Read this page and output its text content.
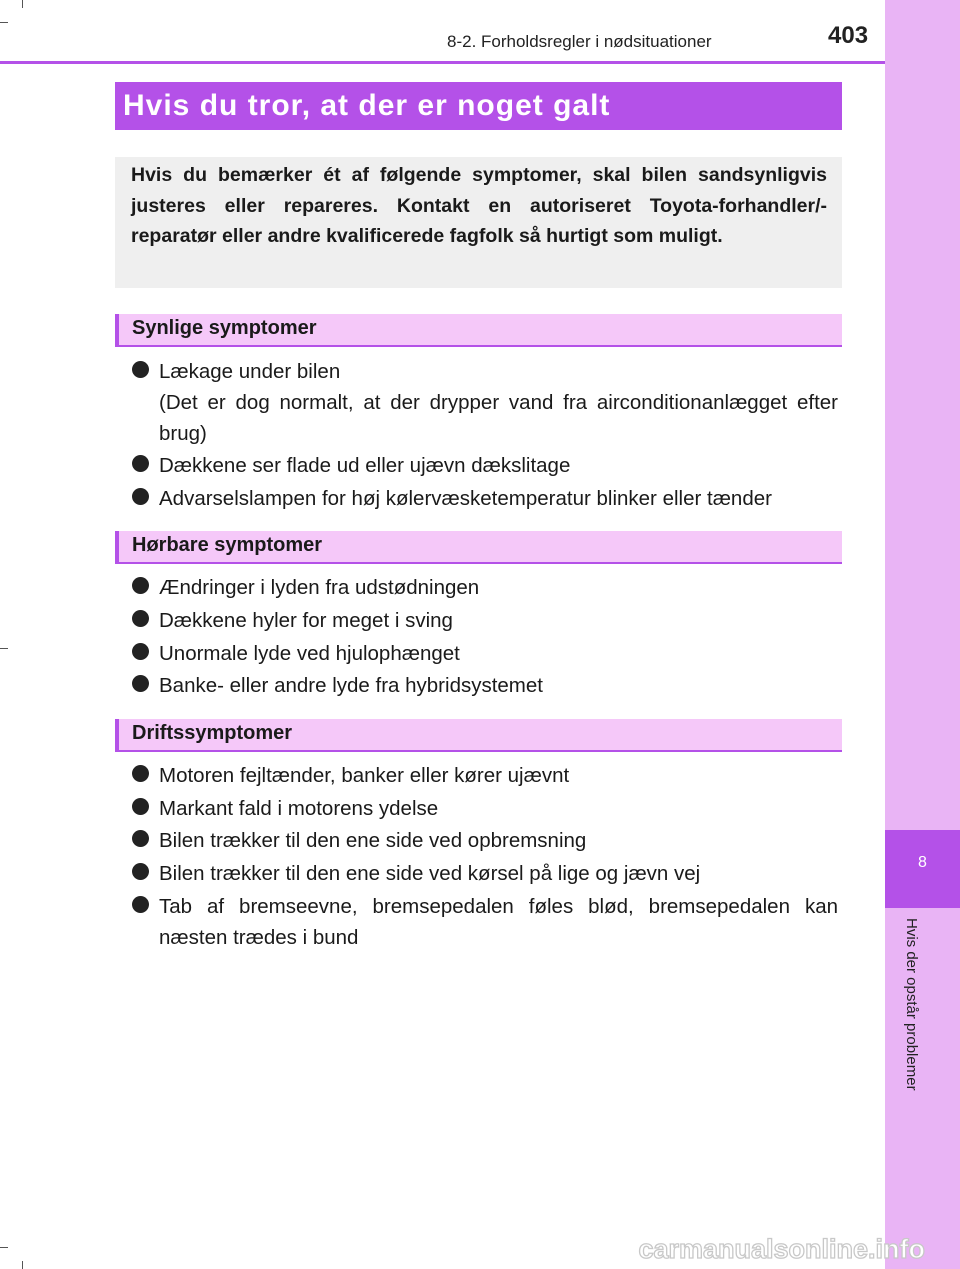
8
Hvis der opstår problemer
8-2. Forholdsregler i nødsituationer	403
Hvis du tror, at der er noget galt
Hvis du bemærker ét af følgende symptomer, skal bilen sandsynligvis justeres eller repareres. Kontakt en autoriseret Toyota-forhandler/-reparatør eller andre kvalificerede fagfolk så hurtigt som muligt.
Synlige symptomer
Lækage under bilen
(Det er dog normalt, at der drypper vand fra airconditionanlægget efter brug)
Dækkene ser flade ud eller ujævn dækslitage
Advarselslampen for høj kølervæsketemperatur blinker eller tænder
Hørbare symptomer
Ændringer i lyden fra udstødningen
Dækkene hyler for meget i sving
Unormale lyde ved hjulophænget
Banke- eller andre lyde fra hybridsystemet
Driftssymptomer
Motoren fejltænder, banker eller kører ujævnt
Markant fald i motorens ydelse
Bilen trækker til den ene side ved opbremsning
Bilen trækker til den ene side ved kørsel på lige og jævn vej
Tab af bremseevne, bremsepedalen føles blød, bremsepedalen kan næsten trædes i bund
carmanualsonline.info
